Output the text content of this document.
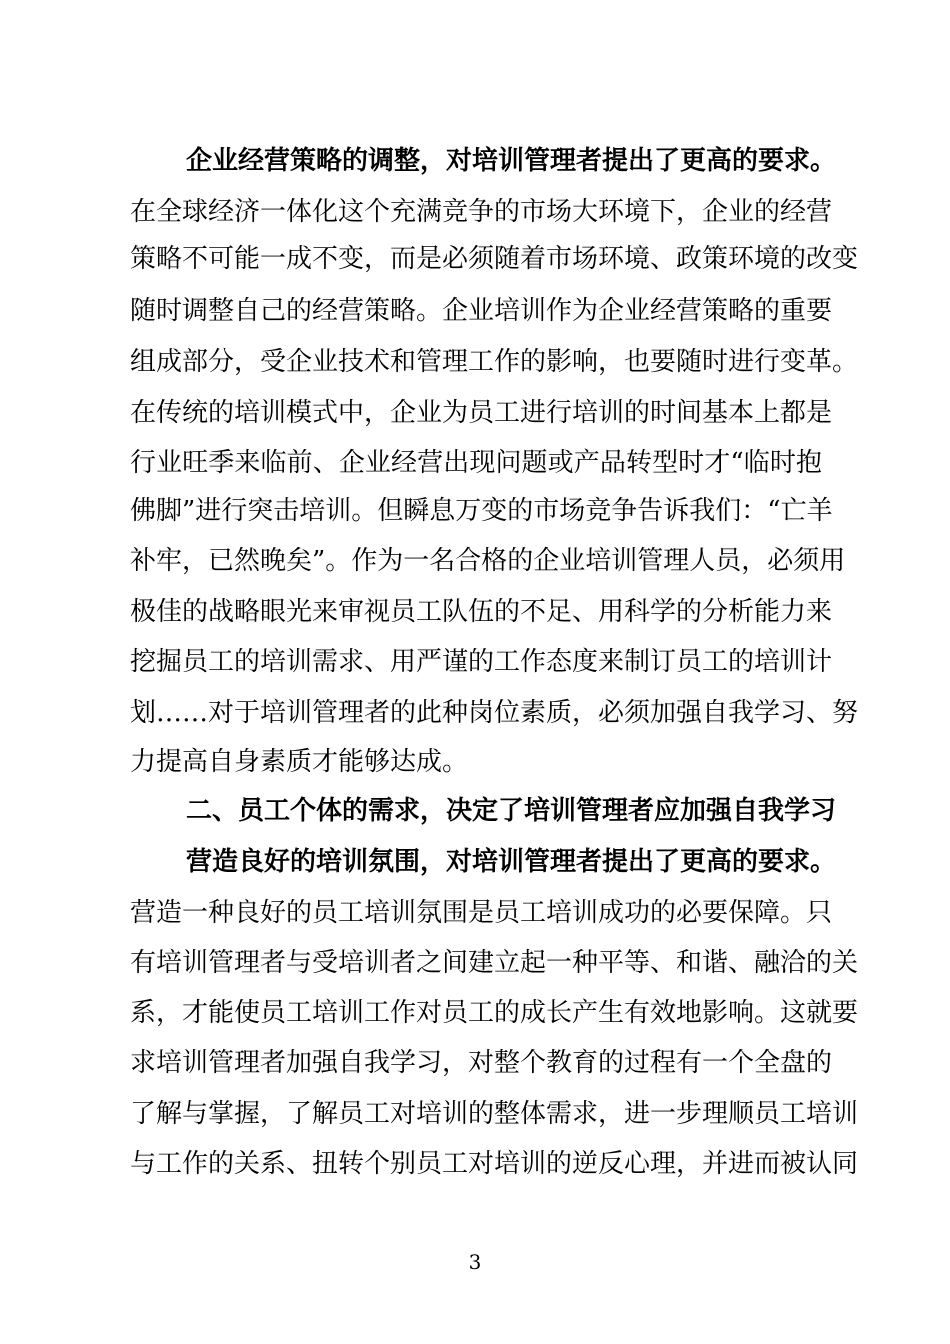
企业经营策略的调整，对培训管理者提出了更高的要求。
在全球经济一体化这个充满竞争的市场大环境下，企业的经营
策略不可能一成不变，而是必须随着市场环境、政策环境的改变
随时调整自己的经营策略。企业培训作为企业经营策略的重要
组成部分，受企业技术和管理工作的影响，也要随时进行变革。
在传统的培训模式中，企业为员工进行培训的时间基本上都是
行业旺季来临前、企业经营出现问题或产品转型时才“临时抱
佛脚”进行突击培训。但瞬息万变的市场竞争告诉我们：“亡羊
补牢，已然晚矣”。作为一名合格的企业培训管理人员，必须用
极佳的战略眼光来审视员工队伍的不足、用科学的分析能力来
挖掘员工的培训需求、用严谨的工作态度来制订员工的培训计
划……对于培训管理者的此种岗位素质，必须加强自我学习、努
力提高自身素质才能够达成。
二、员工个体的需求，决定了培训管理者应加强自我学习
营造良好的培训氛围，对培训管理者提出了更高的要求。
营造一种良好的员工培训氛围是员工培训成功的必要保障。只
有培训管理者与受培训者之间建立起一种平等、和谐、融洽的关
系，才能使员工培训工作对员工的成长产生有效地影响。这就要
求培训管理者加强自我学习，对整个教育的过程有一个全盘的
了解与掌握，了解员工对培训的整体需求，进一步理顺员工培训
与工作的关系、扭转个别员工对培训的逆反心理，并进而被认同
3
